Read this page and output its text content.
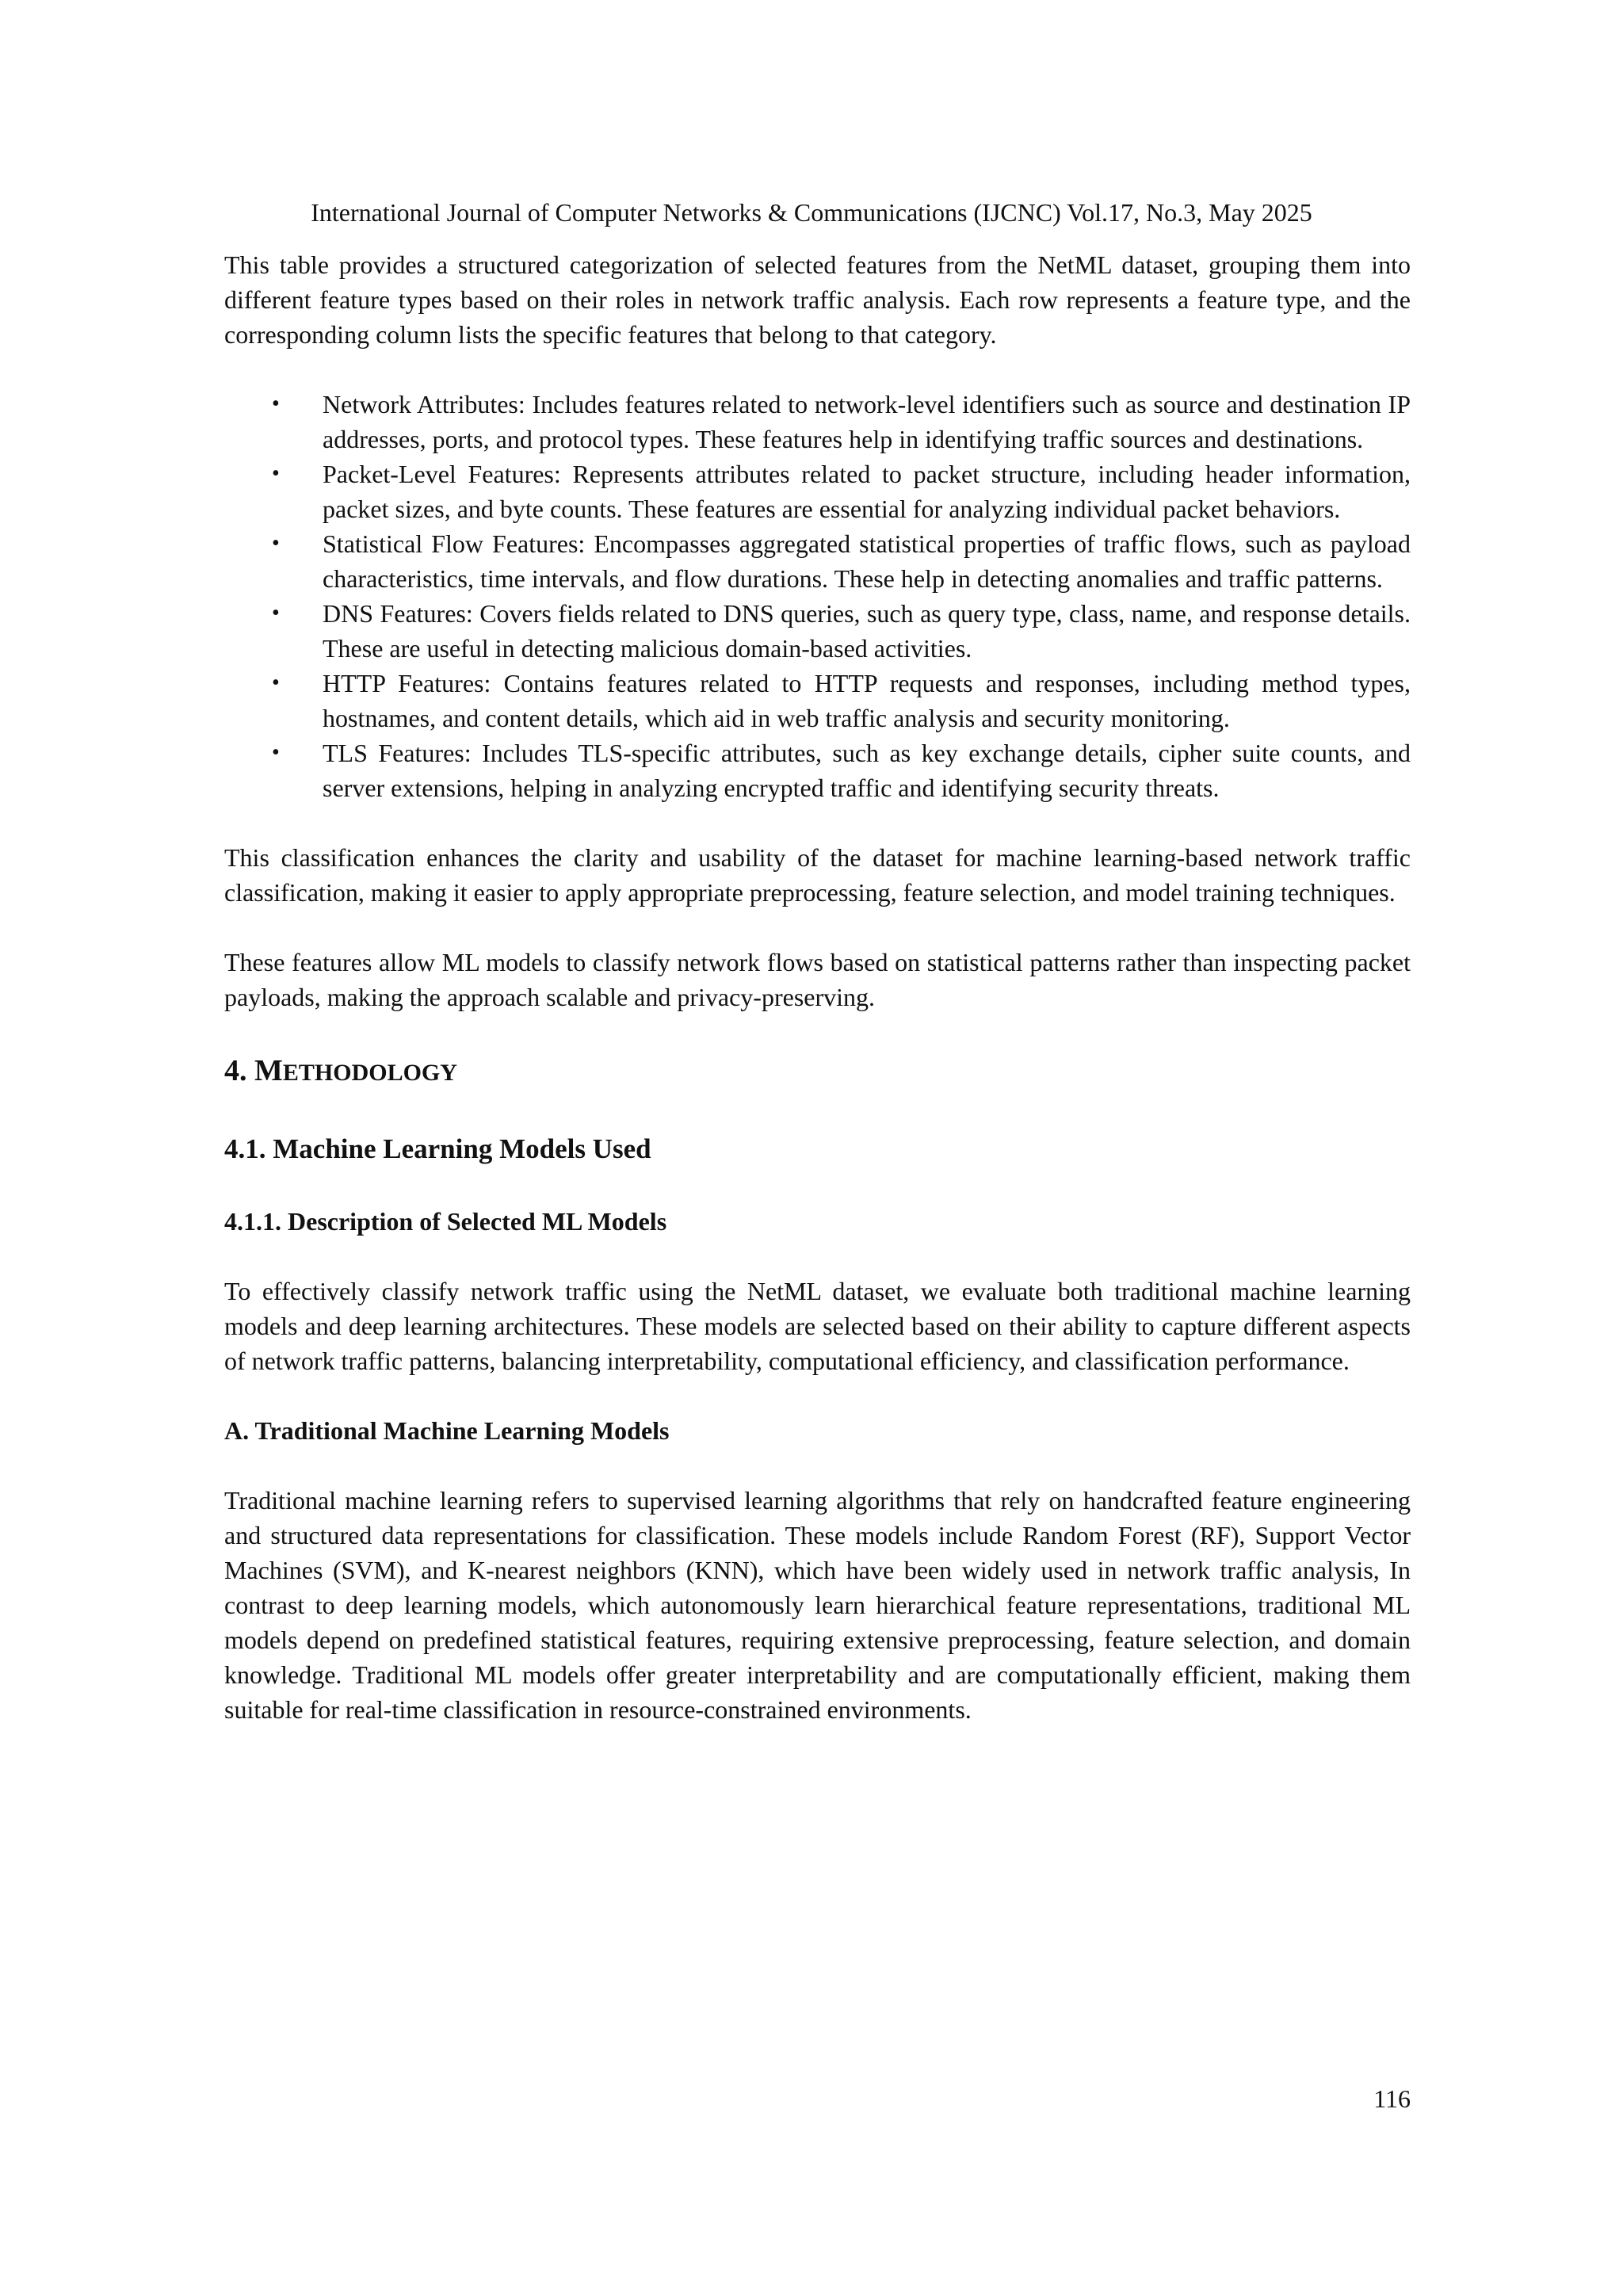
International Journal of Computer Networks & Communications (IJCNC) Vol.17, No.3, May 2025

This table provides a structured categorization of selected features from the NetML dataset, grouping them into different feature types based on their roles in network traffic analysis. Each row represents a feature type, and the corresponding column lists the specific features that belong to that category.

• Network Attributes: Includes features related to network-level identifiers such as source and destination IP addresses, ports, and protocol types. These features help in identifying traffic sources and destinations.
• Packet-Level Features: Represents attributes related to packet structure, including header information, packet sizes, and byte counts. These features are essential for analyzing individual packet behaviors.
• Statistical Flow Features: Encompasses aggregated statistical properties of traffic flows, such as payload characteristics, time intervals, and flow durations. These help in detecting anomalies and traffic patterns.
• DNS Features: Covers fields related to DNS queries, such as query type, class, name, and response details. These are useful in detecting malicious domain-based activities.
• HTTP Features: Contains features related to HTTP requests and responses, including method types, hostnames, and content details, which aid in web traffic analysis and security monitoring.
• TLS Features: Includes TLS-specific attributes, such as key exchange details, cipher suite counts, and server extensions, helping in analyzing encrypted traffic and identifying security threats.

This classification enhances the clarity and usability of the dataset for machine learning-based network traffic classification, making it easier to apply appropriate preprocessing, feature selection, and model training techniques.

These features allow ML models to classify network flows based on statistical patterns rather than inspecting packet payloads, making the approach scalable and privacy-preserving.

4. METHODOLOGY
4.1. Machine Learning Models Used
4.1.1. Description of Selected ML Models

To effectively classify network traffic using the NetML dataset, we evaluate both traditional machine learning models and deep learning architectures. These models are selected based on their ability to capture different aspects of network traffic patterns, balancing interpretability, computational efficiency, and classification performance.

A. Traditional Machine Learning Models

Traditional machine learning refers to supervised learning algorithms that rely on handcrafted feature engineering and structured data representations for classification. These models include Random Forest (RF), Support Vector Machines (SVM), and K-nearest neighbors (KNN), which have been widely used in network traffic analysis, In contrast to deep learning models, which autonomously learn hierarchical feature representations, traditional ML models depend on predefined statistical features, requiring extensive preprocessing, feature selection, and domain knowledge. Traditional ML models offer greater interpretability and are computationally efficient, making them suitable for real-time classification in resource-constrained environments.

116
